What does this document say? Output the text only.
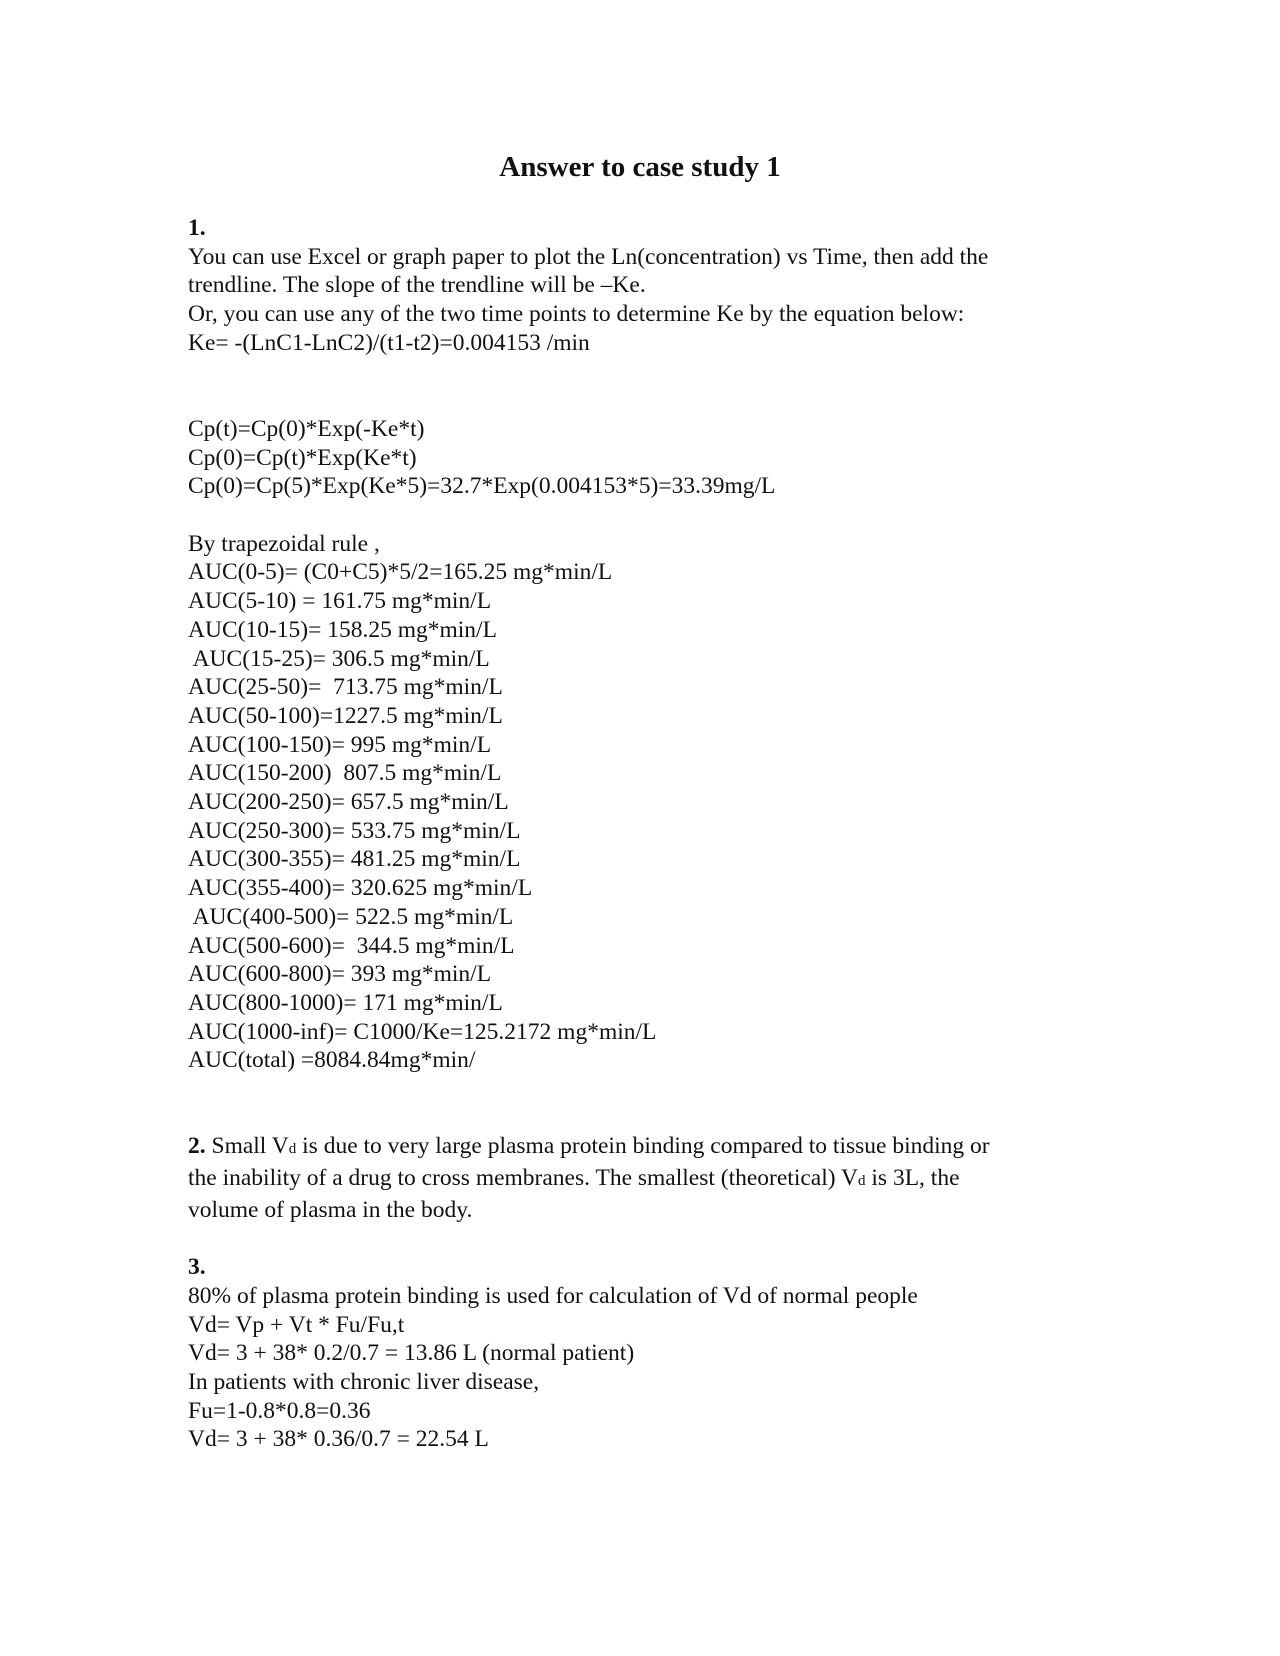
Answer to case study 1
1.
You can use Excel or graph paper to plot the Ln(concentration) vs Time, then add the
trendline. The slope of the trendline will be –Ke.
Or, you can use any of the two time points to determine Ke by the equation below:
Ke= -(LnC1-LnC2)/(t1-t2)=0.004153 /min
Cp(t)=Cp(0)*Exp(-Ke*t)
Cp(0)=Cp(t)*Exp(Ke*t)
Cp(0)=Cp(5)*Exp(Ke*5)=32.7*Exp(0.004153*5)=33.39mg/L
By trapezoidal rule ,
AUC(0-5)= (C0+C5)*5/2=165.25 mg*min/L
AUC(5-10) = 161.75 mg*min/L
AUC(10-15)= 158.25 mg*min/L
AUC(15-25)= 306.5 mg*min/L
AUC(25-50)=  713.75 mg*min/L
AUC(50-100)=1227.5 mg*min/L
AUC(100-150)= 995 mg*min/L
AUC(150-200)  807.5 mg*min/L
AUC(200-250)= 657.5 mg*min/L
AUC(250-300)= 533.75 mg*min/L
AUC(300-355)= 481.25 mg*min/L
AUC(355-400)= 320.625 mg*min/L
AUC(400-500)= 522.5 mg*min/L
AUC(500-600)=  344.5 mg*min/L
AUC(600-800)= 393 mg*min/L
AUC(800-1000)= 171 mg*min/L
AUC(1000-inf)= C1000/Ke=125.2172 mg*min/L
AUC(total) =8084.84mg*min/
2. Small Vd is due to very large plasma protein binding compared to tissue binding or
the inability of a drug to cross membranes. The smallest (theoretical) Vd is 3L, the
volume of plasma in the body.
3.
80% of plasma protein binding is used for calculation of Vd of normal people
Vd= Vp + Vt * Fu/Fu,t
Vd= 3 + 38* 0.2/0.7 = 13.86 L (normal patient)
In patients with chronic liver disease,
Fu=1-0.8*0.8=0.36
Vd= 3 + 38* 0.36/0.7 = 22.54 L
